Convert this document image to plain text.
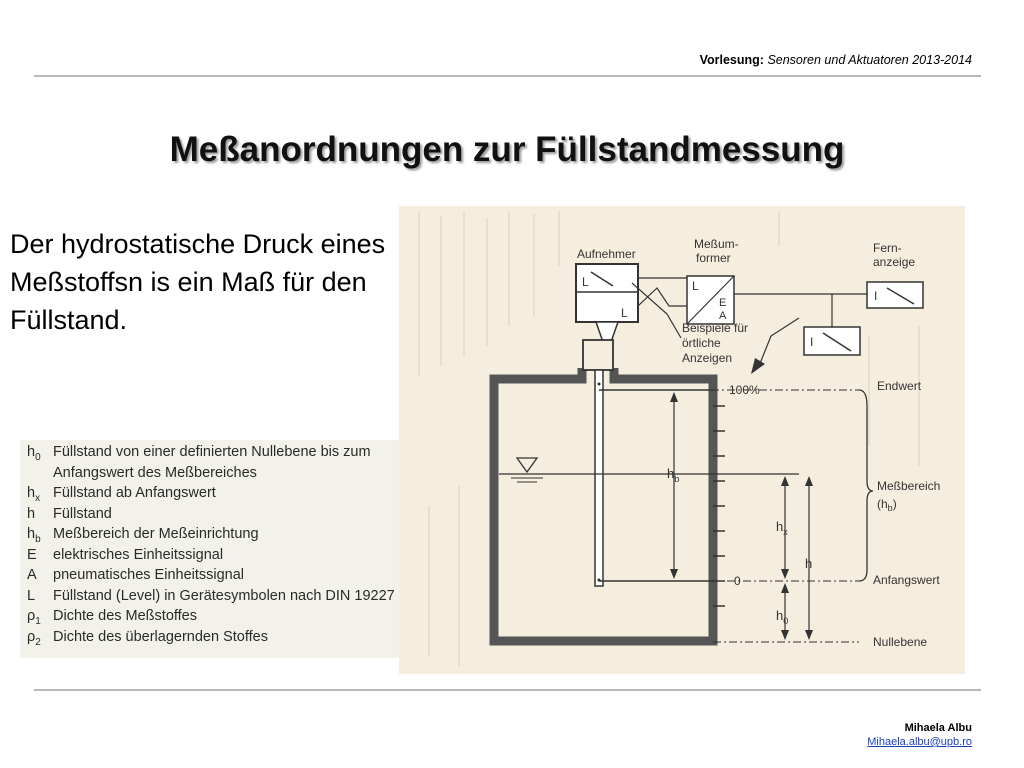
Vorlesung: Sensoren und Aktuatoren 2013-2014
Meßanordnungen zur Füllstandmessung
Der hydrostatische Druck eines Meßstoffsn is ein Maß für den Füllstand.
$h_0$ Füllstand von einer definierten Nullebene bis zum
Anfangswert des Meßbereiches
$h_x$ Füllstand ab Anfangswert
h	Füllstand
$h_b$ Meßbereich der Meßeinrichtung
E	elektrisches Einheitssignal
A	pneumatisches Einheitssignal
L	Füllstand (Level) in Gerätesymbolen nach DIN 19227
$\rho_1$ Dichte des Meßstoffes
$\rho_2$ Dichte des überlagernden Stoffes
L
L
Aufnehmer
L
E
A
Meßum-
former
I
Fern-
anzeige
I
Beispiele für
örtliche
Anzeigen
$h_b$
$h_x$
h
$h_0$
0
100%	Endwert
Meßbereich
$(h_b)$
Anfangswert
Nullebene
Mihaela Albu
Mihaela.albu@upb.ro
